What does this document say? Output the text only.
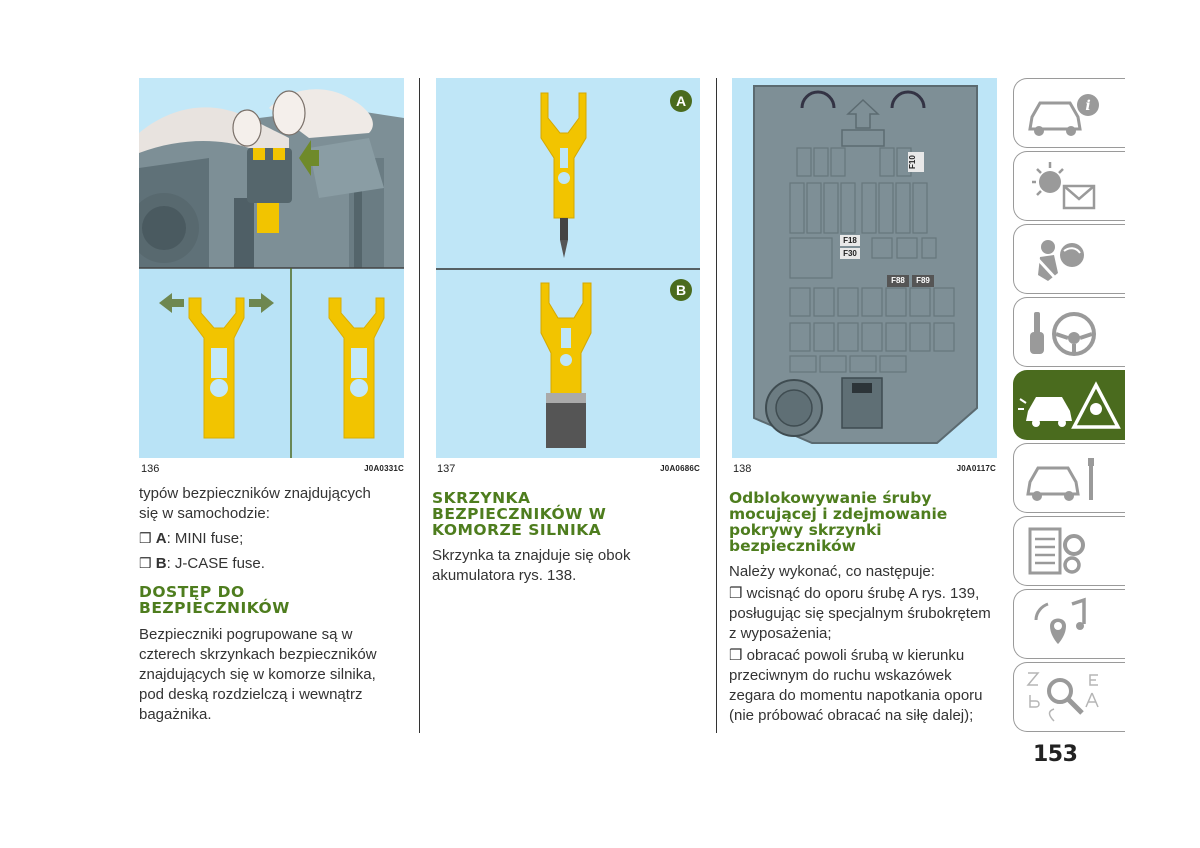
136	J0A0331C
A
B
137	J0A0686C
F10
F18
F30
F88	F89
138	J0A0117C

typów bezpieczników znajdujących

się w samochodzie:

❒ A: MINI fuse;

❒ B: J-CASE fuse.

DOSTĘP DO
BEZPIECZNIKÓW

Bezpieczniki pogrupowane są w

czterech skrzynkach bezpieczników

znajdujących się w komorze silnika,

pod deską rozdzielczą i wewnątrz

bagażnika.

SKRZYNKA
BEZPIECZNIKÓW W
KOMORZE SILNIKA

Skrzynka ta znajduje się obok

akumulatora rys. 138.

Odblokowywanie śruby
mocującej i zdejmowanie
pokrywy skrzynki
bezpieczników

Należy wykonać, co następuje:

❒ wcisnąć do oporu śrubę A rys. 139,

posługując się specjalnym śrubokrętem

z wyposażenia;

❒ obracać powoli śrubą w kierunku

przeciwnym do ruchu wskazówek

zegara do momentu napotkania oporu

(nie próbować obracać na siłę dalej);

i
153
